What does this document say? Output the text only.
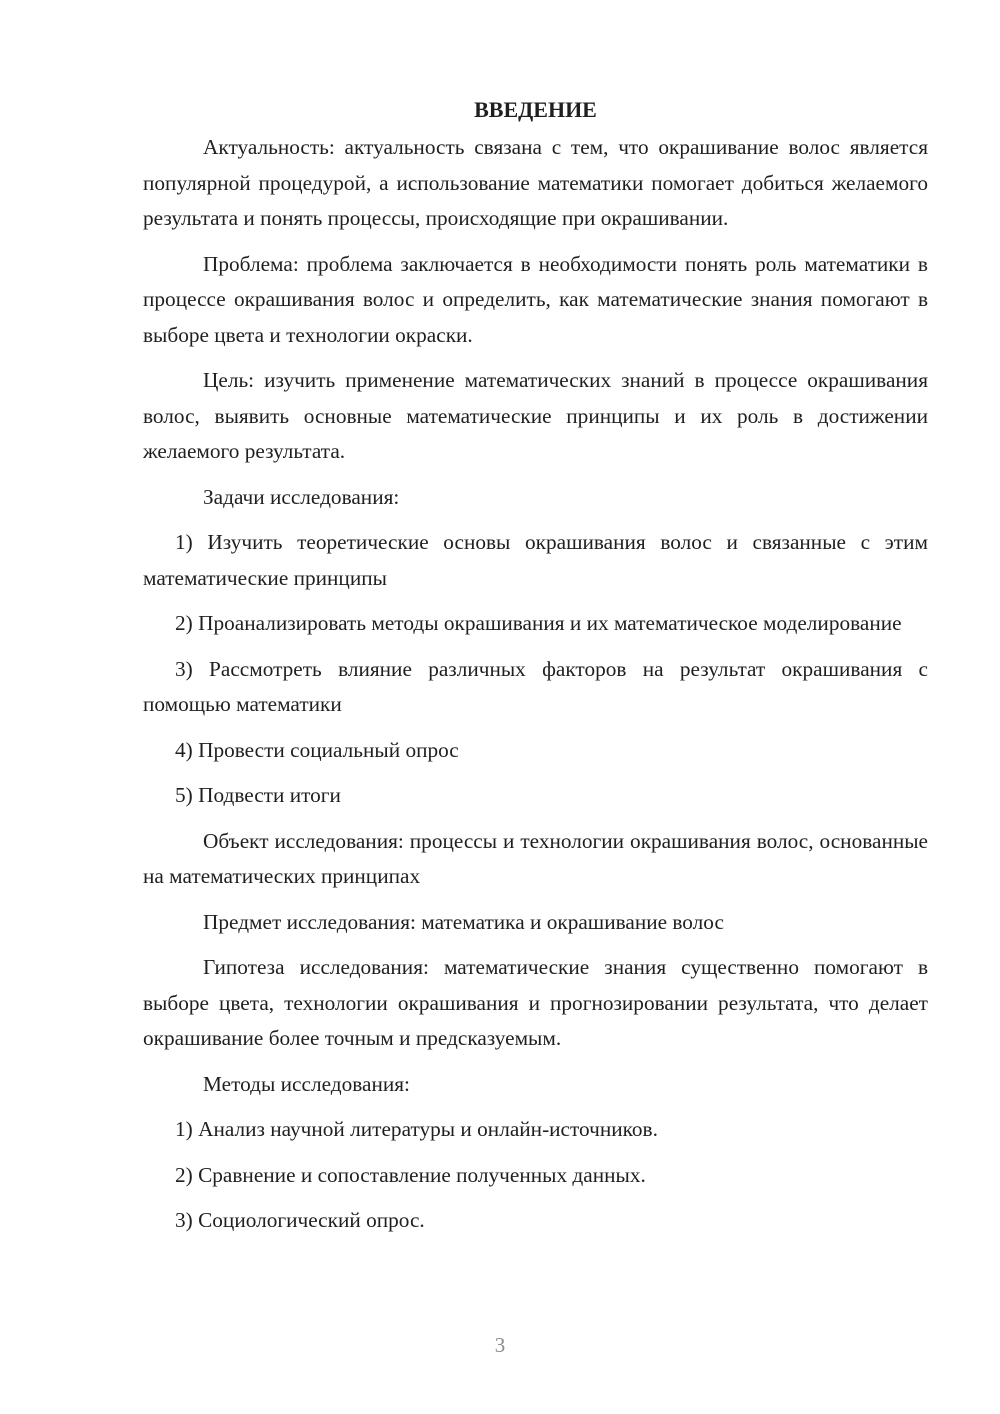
ВВЕДЕНИЕ

Актуальность: актуальность связана с тем, что окрашивание волос является популярной процедурой, а использование математики помогает добиться желаемого результата и понять процессы, происходящие при окрашивании.

Проблема: проблема заключается в необходимости понять роль математики в процессе окрашивания волос и определить, как математические знания помогают в выборе цвета и технологии окраски.

Цель: изучить применение математических знаний в процессе окрашивания волос, выявить основные математические принципы и их роль в достижении желаемого результата.

Задачи исследования:

1) Изучить теоретические основы окрашивания волос и связанные с этим математические принципы

2) Проанализировать методы окрашивания и их математическое моделирование

3) Рассмотреть влияние различных факторов на результат окрашивания с помощью математики

4) Провести социальный опрос

5) Подвести итоги

Объект исследования: процессы и технологии окрашивания волос, основанные на математических принципах

Предмет исследования: математика и окрашивание волос

Гипотеза исследования: математические знания существенно помогают в выборе цвета, технологии окрашивания и прогнозировании результата, что делает окрашивание более точным и предсказуемым.

Методы исследования:

1) Анализ научной литературы и онлайн-источников.

2) Сравнение и сопоставление полученных данных.

3) Социологический опрос.

3
